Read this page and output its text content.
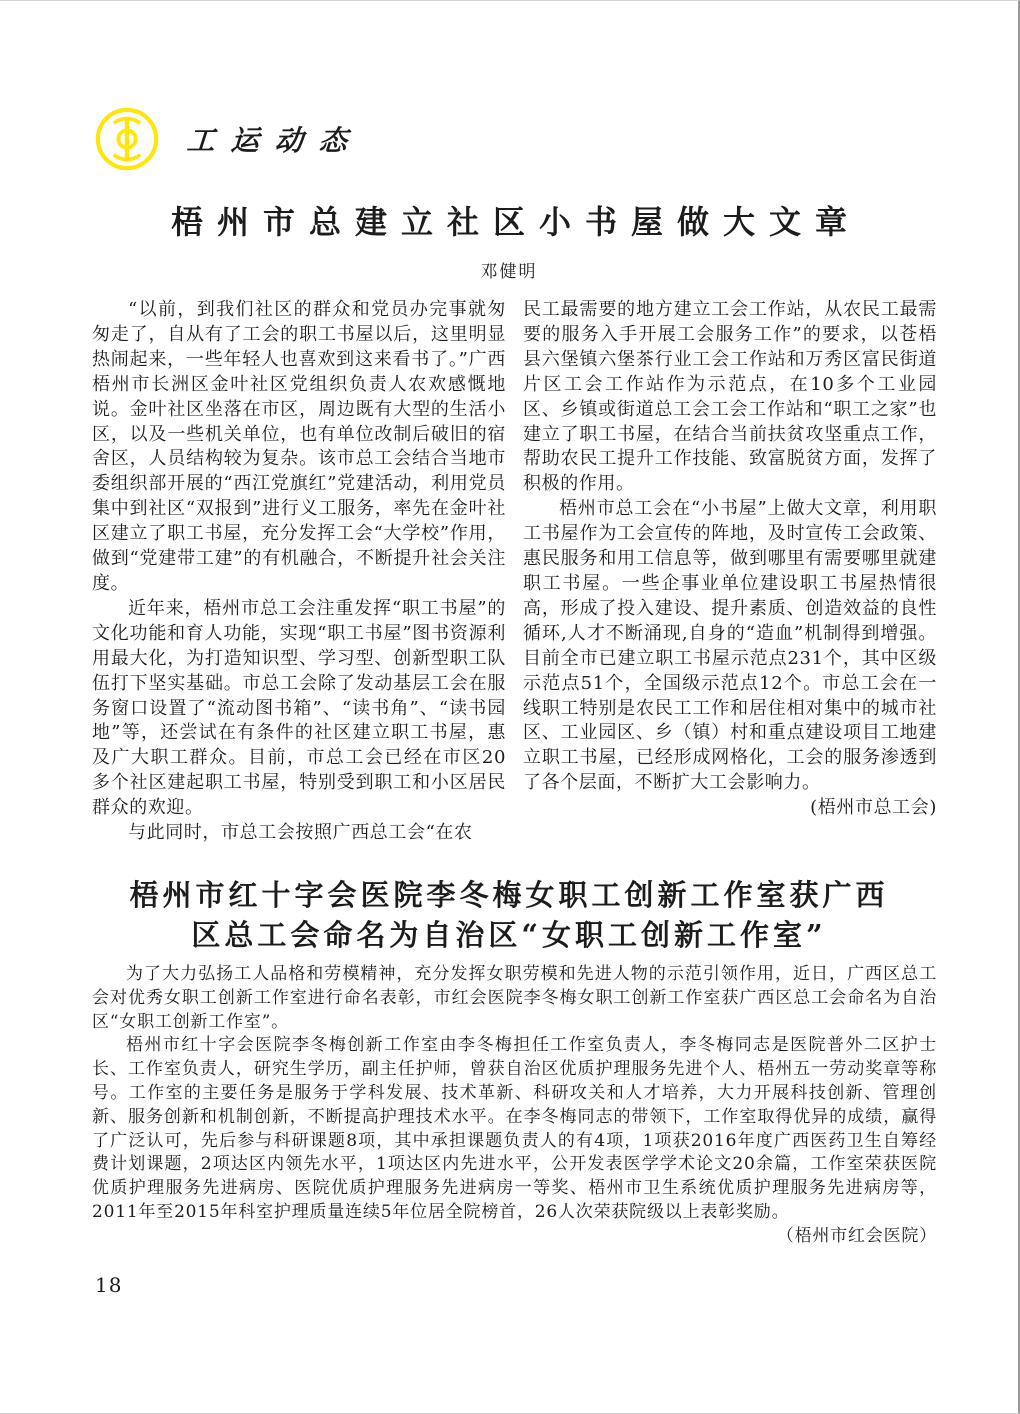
工运动态
梧州市总建立社区小书屋做大文章
邓健明

“以前，到我们社区的群众和党员办完事就匆匆走了，自从有了工会的职工书屋以后，这里明显热闹起来，一些年轻人也喜欢到这来看书了。”广西梧州市长洲区金叶社区党组织负责人农欢感慨地说。金叶社区坐落在市区，周边既有大型的生活小区，以及一些机关单位，也有单位改制后破旧的宿舍区，人员结构较为复杂。该市总工会结合当地市委组织部开展的“西江党旗红”党建活动，利用党员集中到社区“双报到”进行义工服务，率先在金叶社区建立了职工书屋，充分发挥工会“大学校”作用，做到“党建带工建”的有机融合，不断提升社会关注度。

近年来，梧州市总工会注重发挥“职工书屋”的文化功能和育人功能，实现“职工书屋”图书资源利用最大化，为打造知识型、学习型、创新型职工队伍打下坚实基础。市总工会除了发动基层工会在服务窗口设置了“流动图书箱”、“读书角”、“读书园地”等，还尝试在有条件的社区建立职工书屋，惠及广大职工群众。目前，市总工会已经在市区20多个社区建起职工书屋，特别受到职工和小区居民群众的欢迎。

与此同时，市总工会按照广西总工会“在农

民工最需要的地方建立工会工作站，从农民工最需要的服务入手开展工会服务工作”的要求，以苍梧县六堡镇六堡茶行业工会工作站和万秀区富民街道片区工会工作站作为示范点，在10多个工业园区、乡镇或街道总工会工会工作站和“职工之家”也建立了职工书屋，在结合当前扶贫攻坚重点工作，帮助农民工提升工作技能、致富脱贫方面，发挥了积极的作用。

梧州市总工会在“小书屋”上做大文章，利用职工书屋作为工会宣传的阵地，及时宣传工会政策、惠民服务和用工信息等，做到哪里有需要哪里就建职工书屋。一些企事业单位建设职工书屋热情很高，形成了投入建设、提升素质、创造效益的良性循环,人才不断涌现,自身的“造血”机制得到增强。目前全市已建立职工书屋示范点231个，其中区级示范点51个，全国级示范点12个。市总工会在一线职工特别是农民工工作和居住相对集中的城市社区、工业园区、乡（镇）村和重点建设项目工地建立职工书屋，已经形成网格化，工会的服务渗透到了各个层面，不断扩大工会影响力。
(梧州市总工会)

梧州市红十字会医院李冬梅女职工创新工作室获广西
区总工会命名为自治区“女职工创新工作室”

为了大力弘扬工人品格和劳模精神，充分发挥女职劳模和先进人物的示范引领作用，近日，广西区总工会对优秀女职工创新工作室进行命名表彰，市红会医院李冬梅女职工创新工作室获广西区总工会命名为自治区“女职工创新工作室”。

梧州市红十字会医院李冬梅创新工作室由李冬梅担任工作室负责人，李冬梅同志是医院普外二区护士长、工作室负责人，研究生学历，副主任护师，曾获自治区优质护理服务先进个人、梧州五一劳动奖章等称号。工作室的主要任务是服务于学科发展、技术革新、科研攻关和人才培养，大力开展科技创新、管理创新、服务创新和机制创新，不断提高护理技术水平。在李冬梅同志的带领下，工作室取得优异的成绩，赢得了广泛认可，先后参与科研课题8项，其中承担课题负责人的有4项，1项获2016年度广西医药卫生自筹经费计划课题，2项达区内领先水平，1项达区内先进水平，公开发表医学学术论文20余篇，工作室荣获医院优质护理服务先进病房、医院优质护理服务先进病房一等奖、梧州市卫生系统优质护理服务先进病房等，2011年至2015年科室护理质量连续5年位居全院榜首，26人次荣获院级以上表彰奖励。
（梧州市红会医院）

18
